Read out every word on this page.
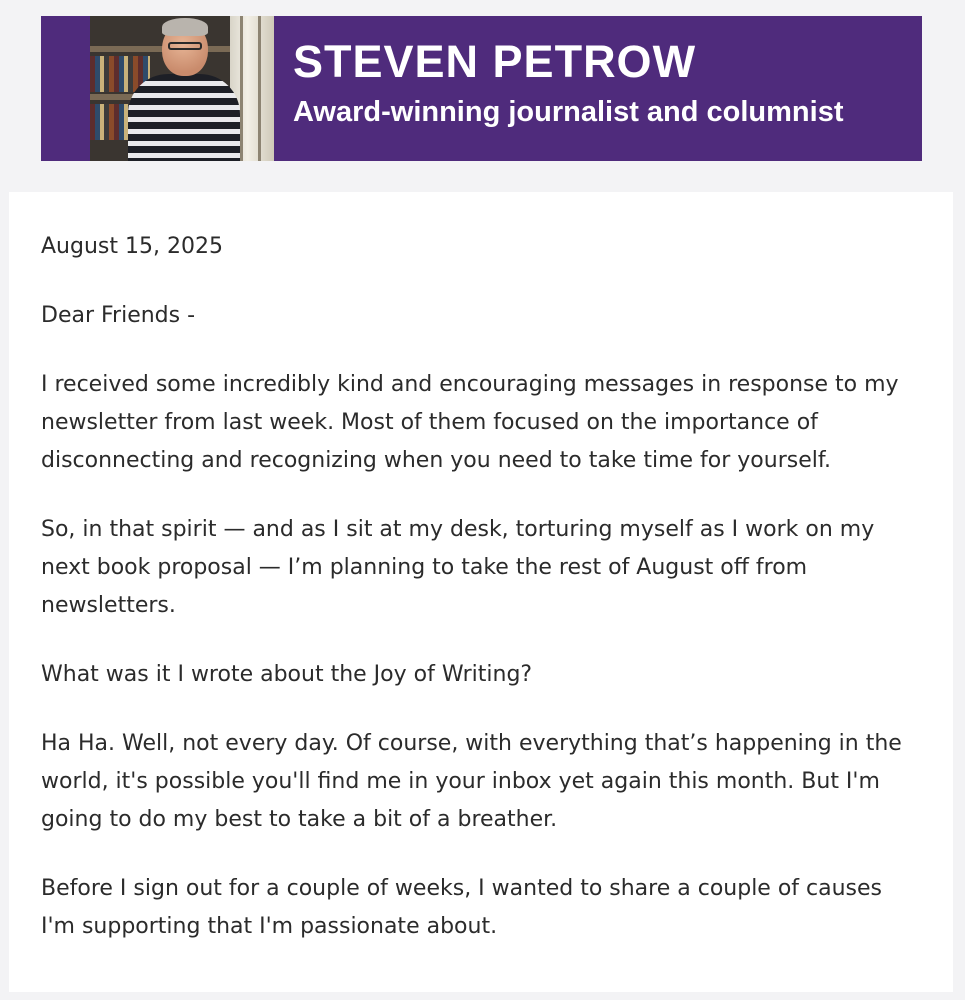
STEVEN PETROW
Award-winning journalist and columnist

August 15, 2025

Dear Friends -

I received some incredibly kind and encouraging messages in response to my newsletter from last week. Most of them focused on the importance of disconnecting and recognizing when you need to take time for yourself.

So, in that spirit — and as I sit at my desk, torturing myself as I work on my next book proposal — I’m planning to take the rest of August off from newsletters.

What was it I wrote about the Joy of Writing?

Ha Ha. Well, not every day. Of course, with everything that’s happening in the world, it's possible you'll find me in your inbox yet again this month. But I'm going to do my best to take a bit of a breather.

Before I sign out for a couple of weeks, I wanted to share a couple of causes I'm supporting that I'm passionate about.
